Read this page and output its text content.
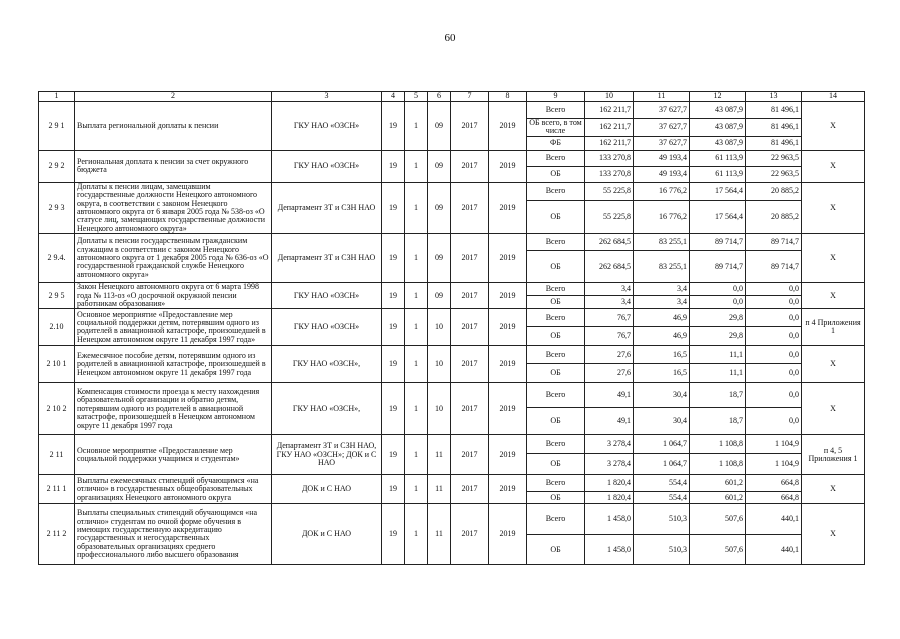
60
1	2	3	4	5	6	7	8	9	10	11	12	13	14
2 9 1	Выплата региональной доплаты к пенсии	ГКУ НАО «ОЗСН»	19	1	09	2017	2019	Всего	162 211,7	37 627,7	43 087,9	81 496,1	Х
								ОБ всего, в том числе	162 211,7	37 627,7	43 087,9	81 496,1	
								ФБ	162 211,7	37 627,7	43 087,9	81 496,1	
2 9 2	Региональная доплата к пенсии за счет окружного бюджета	ГКУ НАО «ОЗСН»	19	1	09	2017	2019	Всего	133 270,8	49 193,4	61 113,9	22 963,5	Х
								ОБ	133 270,8	49 193,4	61 113,9	22 963,5	
2 9 3	Доплаты к пенсии лицам, замещавшим государственные должности Ненецкого автономного округа, в соответствии с законом Ненецкого автономного округа от 6 января 2005 года № 538-оз «О статусе лиц, замещающих государственные должности Ненецкого автономного округа»	Департамент ЗТ и СЗН НАО	19	1	09	2017	2019	Всего	55 225,8	16 776,2	17 564,4	20 885,2	Х
								ОБ	55 225,8	16 776,2	17 564,4	20 885,2	
2 9.4.	Доплаты к пенсии государственным гражданским служащим в соответствии с законом Ненецкого автономного округа от 1 декабря 2005 года № 636-оз «О государственной гражданской службе Ненецкого автономного округа»	Департамент ЗТ и СЗН НАО	19	1	09	2017	2019	Всего	262 684,5	83 255,1	89 714,7	89 714,7	Х
								ОБ	262 684,5	83 255,1	89 714,7	89 714,7	
2 9 5	Закон Ненецкого автономного округа от 6 марта 1998 года № 113-оз «О досрочной окружной пенсии работникам образования»	ГКУ НАО «ОЗСН»	19	1	09	2017	2019	Всего	3,4	3,4	0,0	0,0	Х
								ОБ	3,4	3,4	0,0	0,0	
2.10	Основное мероприятие «Предоставление мер социальной поддержки детям, потерявшим одного из родителей в авиационной катастрофе, произошедшей в Ненецком автономном округе 11 декабря 1997 года»	ГКУ НАО «ОЗСН»	19	1	10	2017	2019	Всего	76,7	46,9	29,8	0,0	п 4 Приложения 1
								ОБ	76,7	46,9	29,8	0,0	
2 10 1	Ежемесячное пособие детям, потерявшим одного из родителей в авиационной катастрофе, произошедшей в Ненецком автономном округе 11 декабря 1997 года	ГКУ НАО «ОЗСН»,	19	1	10	2017	2019	Всего	27,6	16,5	11,1	0,0	Х
								ОБ	27,6	16,5	11,1	0,0	
2 10 2	Компенсация стоимости проезда к месту нахождения образовательной организации и обратно детям, потерявшим одного из родителей в авиационной катастрофе, произошедшей в Ненецком автономном округе 11 декабря 1997 года	ГКУ НАО «ОЗСН»,	19	1	10	2017	2019	Всего	49,1	30,4	18,7	0,0	Х
								ОБ	49,1	30,4	18,7	0,0	
2 11	Основное мероприятие «Предоставление мер социальной поддержки учащимся и студентам»	Департамент ЗТ и СЗН НАО, ГКУ НАО «ОЗСН»; ДОК и С НАО	19	1	11	2017	2019	Всего	3 278,4	1 064,7	1 108,8	1 104,9	п 4, 5 Приложения 1
								ОБ	3 278,4	1 064,7	1 108,8	1 104,9	
2 11 1	Выплаты ежемесячных стипендий обучающимся «на отлично» в государственных общеобразовательных организациях Ненецкого автономного округа	ДОК и С НАО	19	1	11	2017	2019	Всего	1 820,4	554,4	601,2	664,8	Х
								ОБ	1 820,4	554,4	601,2	664,8	
2 11 2	Выплаты специальных стипендий обучающимся «на отлично» студентам по очной форме обучения в имеющих государственную аккредитацию государственных и негосударственных образовательных организациях среднего профессионального либо высшего образования	ДОК и С НАО	19	1	11	2017	2019	Всего	1 458,0	510,3	507,6	440,1	Х
								ОБ	1 458,0	510,3	507,6	440,1	
